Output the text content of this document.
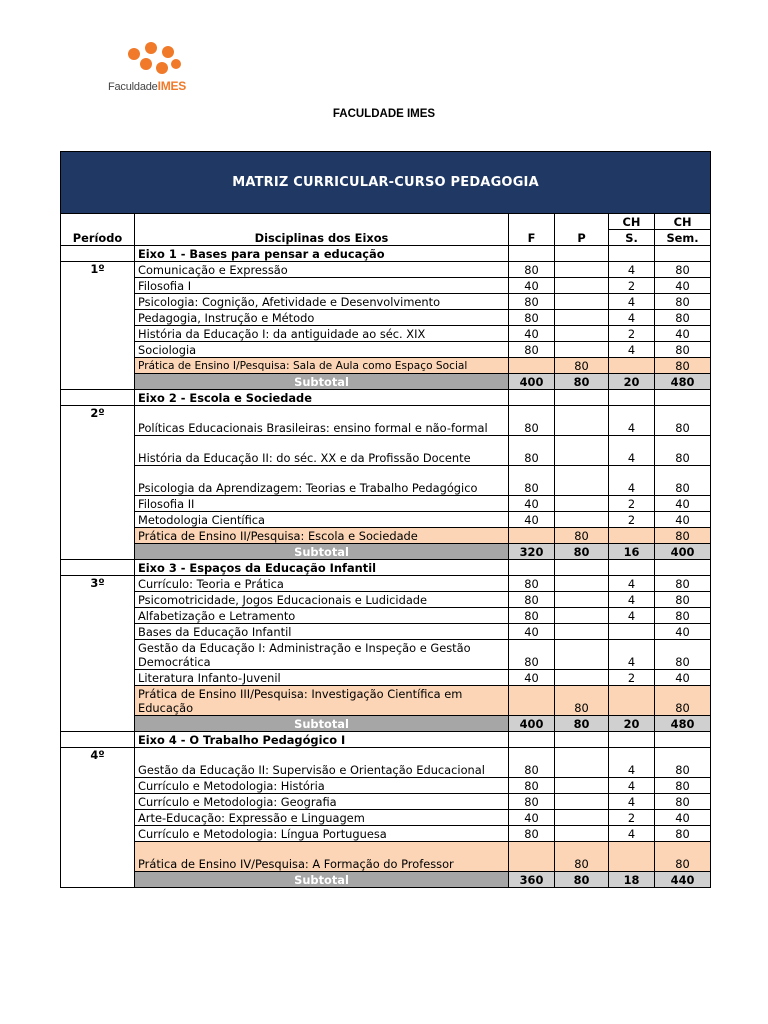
FaculdadeIMES
FACULDADE IMES
MATRIZ CURRICULAR-CURSO PEDAGOGIA					
Período	Disciplinas dos Eixos	F	P	CH	CH
				S.	Sem.
	Eixo 1 - Bases para pensar a educação				
1º	Comunicação e Expressão	80		4	80
	Filosofia I	40		2	40
	Psicologia: Cognição, Afetividade e Desenvolvimento	80		4	80
	Pedagogia, Instrução e Método	80		4	80
	História da Educação I: da antiguidade ao séc. XIX	40		2	40
	Sociologia	80		4	80
	Prática de Ensino I/Pesquisa: Sala de Aula como Espaço Social		80		80
	Subtotal	400	80	20	480
	Eixo 2 - Escola e Sociedade				
2º	Políticas Educacionais Brasileiras: ensino formal e não-formal	80		4	80
	História da Educação II: do séc. XX e da Profissão Docente	80		4	80
	Psicologia da Aprendizagem: Teorias e Trabalho Pedagógico	80		4	80
	Filosofia II	40		2	40
	Metodologia Científica	40		2	40
	Prática de Ensino II/Pesquisa: Escola e Sociedade		80		80
	Subtotal	320	80	16	400
	Eixo 3 - Espaços da Educação Infantil				
3º	Currículo: Teoria e Prática	80		4	80
	Psicomotricidade, Jogos Educacionais e Ludicidade	80		4	80
	Alfabetização e Letramento	80		4	80
	Bases da Educação Infantil	40			40
	Gestão da Educação I: Administração e Inspeção e Gestão Democrática	80		4	80
	Literatura Infanto-Juvenil	40		2	40
	Prática de Ensino III/Pesquisa: Investigação Científica em Educação		80		80
	Subtotal	400	80	20	480
	Eixo 4 - O Trabalho Pedagógico I				
4º	Gestão da Educação II: Supervisão e Orientação Educacional	80		4	80
	Currículo e Metodologia: História	80		4	80
	Currículo e Metodologia: Geografia	80		4	80
	Arte-Educação: Expressão e Linguagem	40		2	40
	Currículo e Metodologia: Língua Portuguesa	80		4	80
	Prática de Ensino IV/Pesquisa: A Formação do Professor		80		80
	Subtotal	360	80	18	440
